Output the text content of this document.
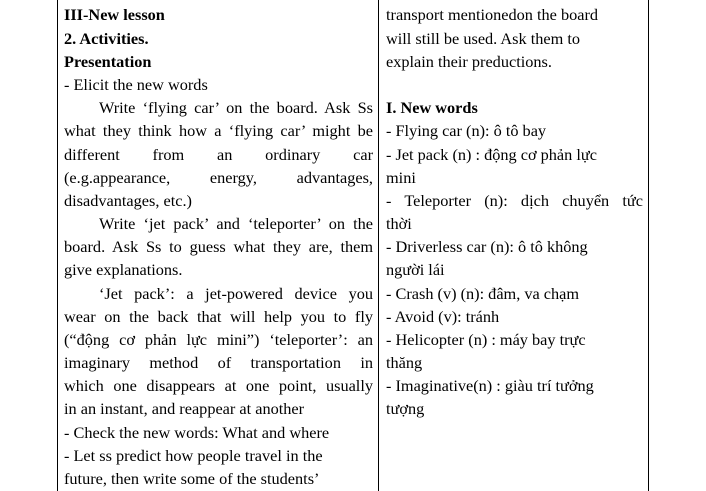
III-New lesson
2. Activities.
Presentation
- Elicit the new words
Write ‘flying car’ on the board. Ask Ss
what they think how a ‘flying car’ might be
different from an ordinary car
(e.g.appearance, energy, advantages,
disadvantages, etc.)
Write ‘jet pack’ and ‘teleporter’ on the
board. Ask Ss to guess what they are, them
give explanations.
‘Jet pack’: a jet-powered device you
wear on the back that will help you to fly
(“động cơ phản lực mini”) ‘teleporter’: an
imaginary method of transportation in
which one disappears at one point, usually
in an instant, and reappear at another
- Check the new words: What and where
- Let ss predict how people travel in the
future, then write some of the students’
transport mentionedon the board
will still be used. Ask them to
explain their preductions.
I. New words
- Flying car (n): ô tô bay
- Jet pack (n) : động cơ phản lực
mini
- Teleporter (n): dịch chuyển tức
thời
- Driverless car (n): ô tô không
người lái
- Crash (v) (n): đâm, va chạm
- Avoid (v): tránh
- Helicopter (n) : máy bay trực
thăng
- Imaginative(n) : giàu trí tưởng
tượng
